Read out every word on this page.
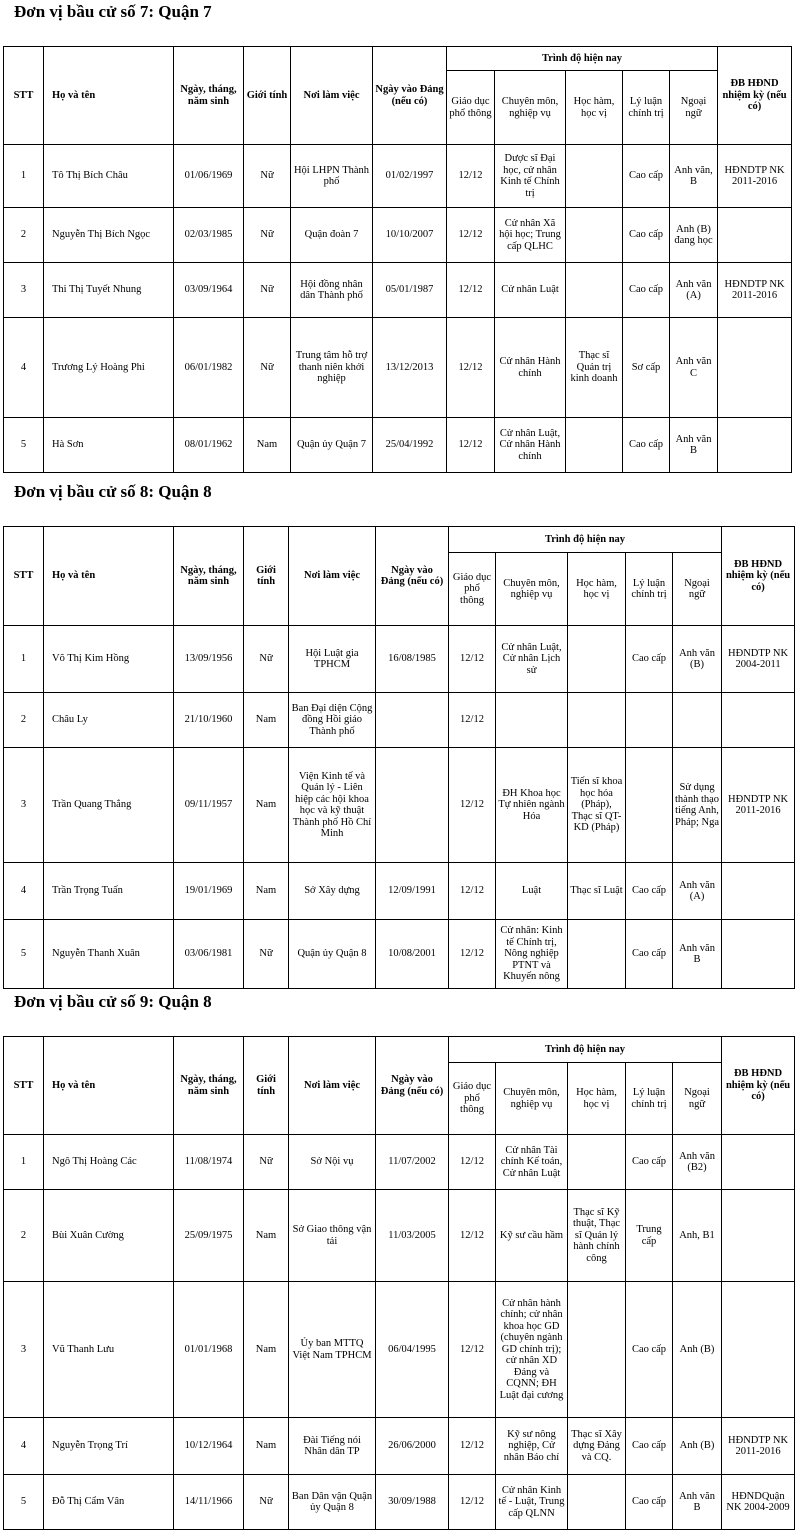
Đơn vị bầu cử số 7: Quận 7
STT	Họ và tên	Ngày, tháng, năm sinh	Giới tính	Nơi làm việc	Ngày vào Đảng (nếu có)	Trình độ hiện nay					ĐB HĐND nhiệm kỳ (nếu có)
						Giáo dục phổ thông	Chuyên môn, nghiệp vụ	Học hàm, học vị	Lý luận chính trị	Ngoại ngữ	
1	Tô Thị Bích Châu	01/06/1969	Nữ	Hội LHPN Thành phố	01/02/1997	12/12	Dược sĩ Đại học, cử nhân Kinh tế Chính trị		Cao cấp	Anh văn, B	HĐNDTP NK 2011-2016
2	Nguyễn Thị Bích Ngọc	02/03/1985	Nữ	Quận đoàn 7	10/10/2007	12/12	Cử nhân Xã hội học; Trung cấp QLHC		Cao cấp	Anh (B) đang học	
3	Thi Thị Tuyết Nhung	03/09/1964	Nữ	Hội đồng nhân dân Thành phố	05/01/1987	12/12	Cử nhân Luật		Cao cấp	Anh văn (A)	HĐNDTP NK 2011-2016
4	Trương Lý Hoàng Phi	06/01/1982	Nữ	Trung tâm hỗ trợ thanh niên khởi nghiệp	13/12/2013	12/12	Cử nhân Hành chính	Thạc sĩ Quản trị kinh doanh	Sơ cấp	Anh văn C	
5	Hà Sơn	08/01/1962	Nam	Quận ủy Quận 7	25/04/1992	12/12	Cử nhân Luật, Cử nhân Hành chính		Cao cấp	Anh văn B	
Đơn vị bầu cử số 8: Quận 8
STT	Họ và tên	Ngày, tháng, năm sinh	Giới tính	Nơi làm việc	Ngày vào Đảng (nếu có)	Trình độ hiện nay					ĐB HĐND nhiệm kỳ (nếu có)
						Giáo dục phổ thông	Chuyên môn, nghiệp vụ	Học hàm, học vị	Lý luận chính trị	Ngoại ngữ	
1	Võ Thị Kim Hồng	13/09/1956	Nữ	Hội Luật gia TPHCM	16/08/1985	12/12	Cử nhân Luật, Cử nhân Lịch sử		Cao cấp	Anh văn (B)	HĐNDTP NK 2004-2011
2	Châu Ly	21/10/1960	Nam	Ban Đại diện Cộng đồng Hồi giáo Thành phố		12/12					
3	Trần Quang Thắng	09/11/1957	Nam	Viện Kinh tế và Quản lý - Liên hiệp các hội khoa học và kỹ thuật Thành phố Hồ Chí Minh		12/12	ĐH Khoa học Tự nhiên ngành Hóa	Tiến sĩ khoa học hóa (Pháp), Thạc sĩ QT-KD (Pháp)		Sử dụng thành thạo tiếng Anh, Pháp; Nga	HĐNDTP NK 2011-2016
4	Trần Trọng Tuấn	19/01/1969	Nam	Sở Xây dựng	12/09/1991	12/12	Luật	Thạc sĩ Luật	Cao cấp	Anh văn (A)	
5	Nguyễn Thanh Xuân	03/06/1981	Nữ	Quận ủy Quận 8	10/08/2001	12/12	Cử nhân: Kinh tế Chính trị, Nông nghiệp PTNT và Khuyến nông		Cao cấp	Anh văn B	
Đơn vị bầu cử số 9: Quận 8
STT	Họ và tên	Ngày, tháng, năm sinh	Giới tính	Nơi làm việc	Ngày vào Đảng (nếu có)	Trình độ hiện nay					ĐB HĐND nhiệm kỳ (nếu có)
						Giáo dục phổ thông	Chuyên môn, nghiệp vụ	Học hàm, học vị	Lý luận chính trị	Ngoại ngữ	
1	Ngô Thị Hoàng Các	11/08/1974	Nữ	Sở Nội vụ	11/07/2002	12/12	Cử nhân Tài chính Kế toán, Cử nhân Luật		Cao cấp	Anh văn (B2)	
2	Bùi Xuân Cường	25/09/1975	Nam	Sở Giao thông vận tải	11/03/2005	12/12	Kỹ sư cầu hầm	Thạc sĩ Kỹ thuật, Thạc sĩ Quản lý hành chính công	Trung cấp	Anh, B1	
3	Vũ Thanh Lưu	01/01/1968	Nam	Ủy ban MTTQ Việt Nam TPHCM	06/04/1995	12/12	Cử nhân hành chính; cử nhân khoa học GD (chuyên ngành GD chính trị); cử nhân XD Đảng và CQNN; ĐH Luật đại cương		Cao cấp	Anh (B)	
4	Nguyễn Trọng Trí	10/12/1964	Nam	Đài Tiếng nói Nhân dân TP	26/06/2000	12/12	Kỹ sư nông nghiệp, Cử nhân Báo chí	Thạc sĩ Xây dựng Đảng và CQ.	Cao cấp	Anh (B)	HĐNDTP NK 2011-2016
5	Đỗ Thị Cẩm Vân	14/11/1966	Nữ	Ban Dân vận Quận ủy Quận 8	30/09/1988	12/12	Cử nhân Kinh tế - Luật, Trung cấp QLNN		Cao cấp	Anh văn B	HĐNDQuận NK 2004-2009
